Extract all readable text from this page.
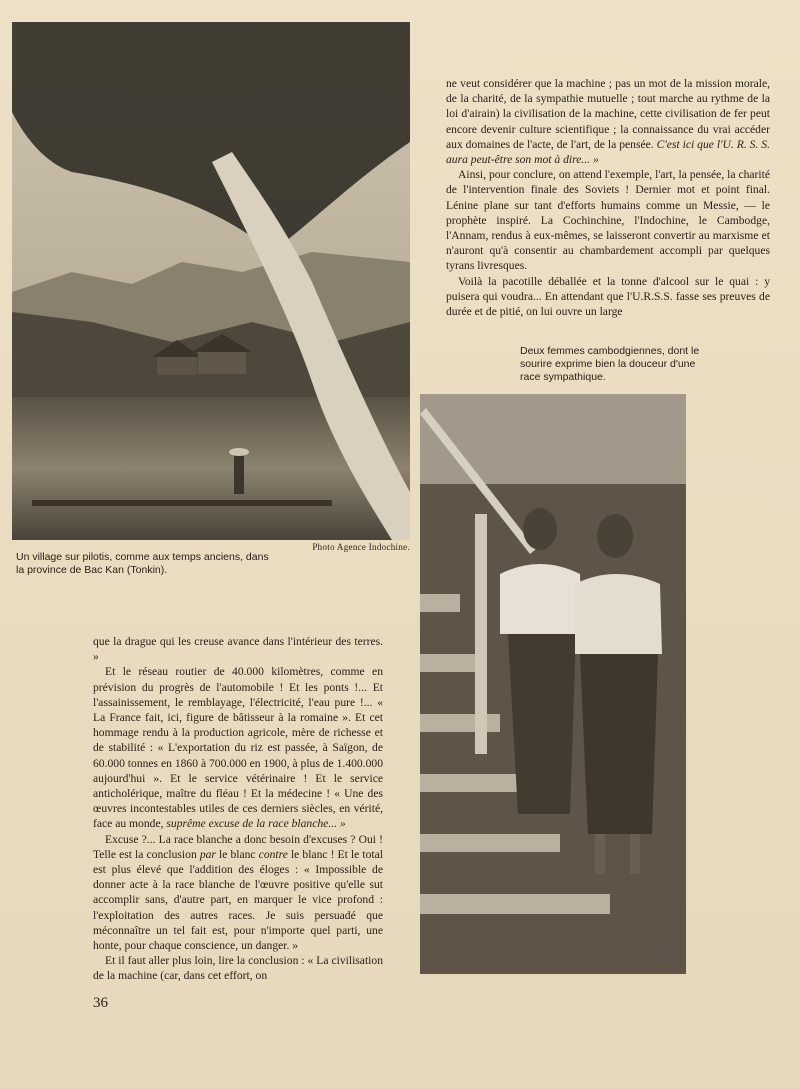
Photo Agence Indochine.
Un village sur pilotis, comme aux temps anciens, dans la province de Bac Kan (Tonkin).

ne veut considérer que la machine ; pas un mot de la mission morale, de la charité, de la sympathie mutuelle ; tout marche au rythme de la loi d'airain) la civilisation de la machine, cette civilisation de fer peut encore devenir culture scientifique ; la connaissance du vrai accéder aux domaines de l'acte, de l'art, de la pensée. C'est ici que l'U. R. S. S. aura peut-être son mot à dire... »

Ainsi, pour conclure, on attend l'exemple, l'art, la pensée, la charité de l'intervention finale des Soviets ! Dernier mot et point final. Lénine plane sur tant d'efforts humains comme un Messie, — le prophète inspiré. La Cochinchine, l'Indochine, le Cambodge, l'Annam, rendus à eux-mêmes, se laisseront convertir au marxisme et n'auront qu'à consentir au chambardement accompli par quelques tyrans livresques.

Voilà la pacotille déballée et la tonne d'alcool sur le quai : y puisera qui voudra... En attendant que l'U.R.S.S. fasse ses preuves de durée et de pitié, on lui ouvre un large

Deux femmes cambodgiennes, dont le sourire exprime bien la douceur d'une race sympathique.

que la drague qui les creuse avance dans l'intérieur des terres. »

Et le réseau routier de 40.000 kilomètres, comme en prévision du progrès de l'automobile ! Et les ponts !... Et l'assainissement, le remblayage, l'électricité, l'eau pure !... « La France fait, ici, figure de bâtisseur à la romaine ». Et cet hommage rendu à la production agricole, mère de richesse et de stabilité : « L'exportation du riz est passée, à Saïgon, de 60.000 tonnes en 1860 à 700.000 en 1900, à plus de 1.400.000 aujourd'hui ». Et le service vétérinaire ! Et le service anticholérique, maître du fléau ! Et la médecine ! « Une des œuvres incontestables utiles de ces derniers siècles, en vérité, face au monde, suprême excuse de la race blanche... »

Excuse ?... La race blanche a donc besoin d'excuses ? Oui ! Telle est la conclusion par le blanc contre le blanc ! Et le total est plus élevé que l'addition des éloges : « Impossible de donner acte à la race blanche de l'œuvre positive qu'elle sut accomplir sans, d'autre part, en marquer le vice profond : l'exploitation des autres races. Je suis persuadé que méconnaître un tel fait est, pour n'importe quel parti, une honte, pour chaque conscience, un danger. »

Et il faut aller plus loin, lire la conclusion : « La civilisation de la machine (car, dans cet effort, on

36
